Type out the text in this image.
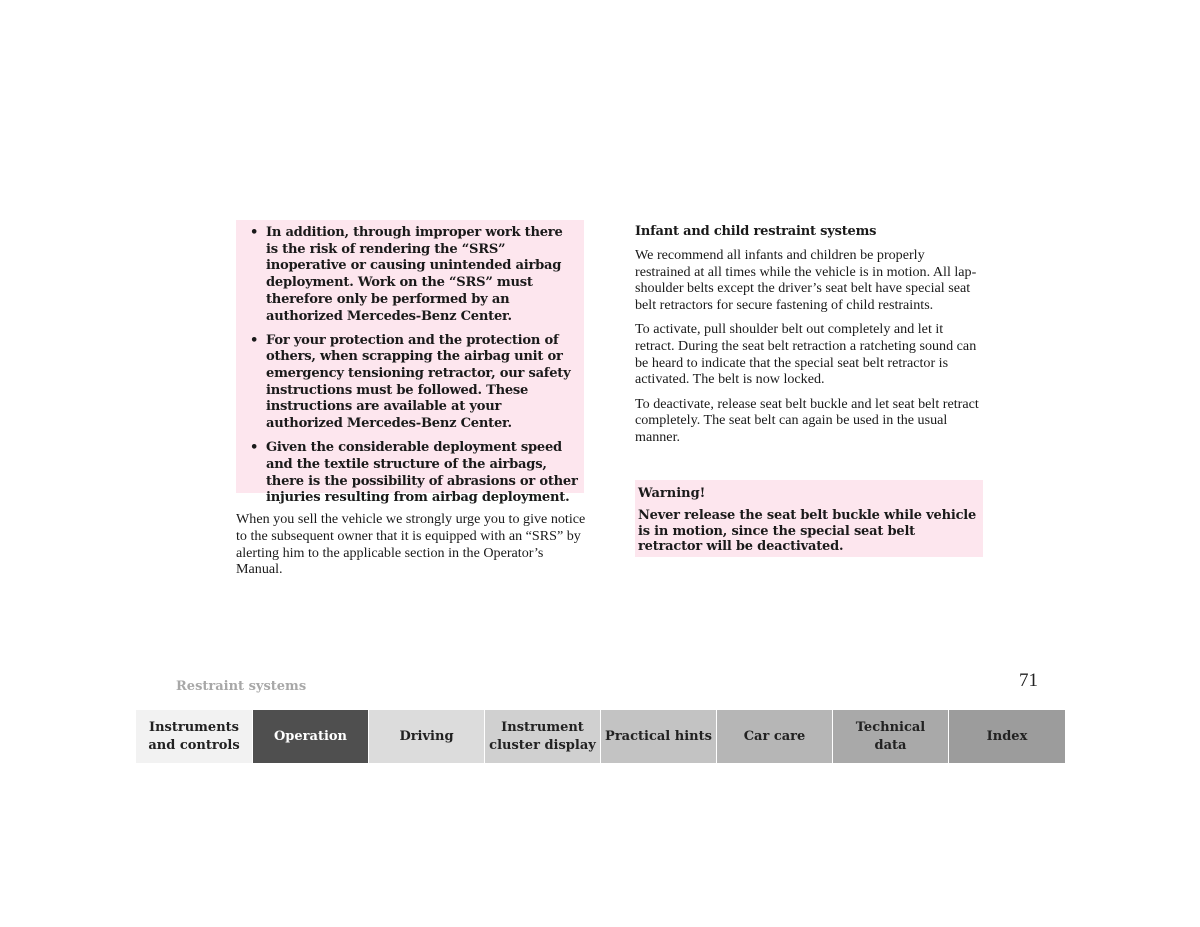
• In addition, through improper work there is the risk of rendering the “SRS” inoperative or causing unintended airbag deployment. Work on the “SRS” must therefore only be performed by an authorized Mercedes-Benz Center.
• For your protection and the protection of others, when scrapping the airbag unit or emergency tensioning retractor, our safety instructions must be followed. These instructions are available at your authorized Mercedes-Benz Center.
• Given the considerable deployment speed and the textile structure of the airbags, there is the possibility of abrasions or other injuries resulting from airbag deployment.

When you sell the vehicle we strongly urge you to give notice to the subsequent owner that it is equipped with an “SRS” by alerting him to the applicable section in the Operator’s Manual.

Infant and child restraint systems

We recommend all infants and children be properly restrained at all times while the vehicle is in motion. All lap-shoulder belts except the driver’s seat belt have special seat belt retractors for secure fastening of child restraints.

To activate, pull shoulder belt out completely and let it retract. During the seat belt retraction a ratcheting sound can be heard to indicate that the special seat belt retractor is activated. The belt is now locked.

To deactivate, release seat belt buckle and let seat belt retract completely. The seat belt can again be used in the usual manner.

Warning!

Never release the seat belt buckle while vehicle is in motion, since the special seat belt retractor will be deactivated.

Restraint systems	71
Instruments
and controls
Operation	Driving
Instrument
cluster display
Practical hints Car care
Technical
data
Index
